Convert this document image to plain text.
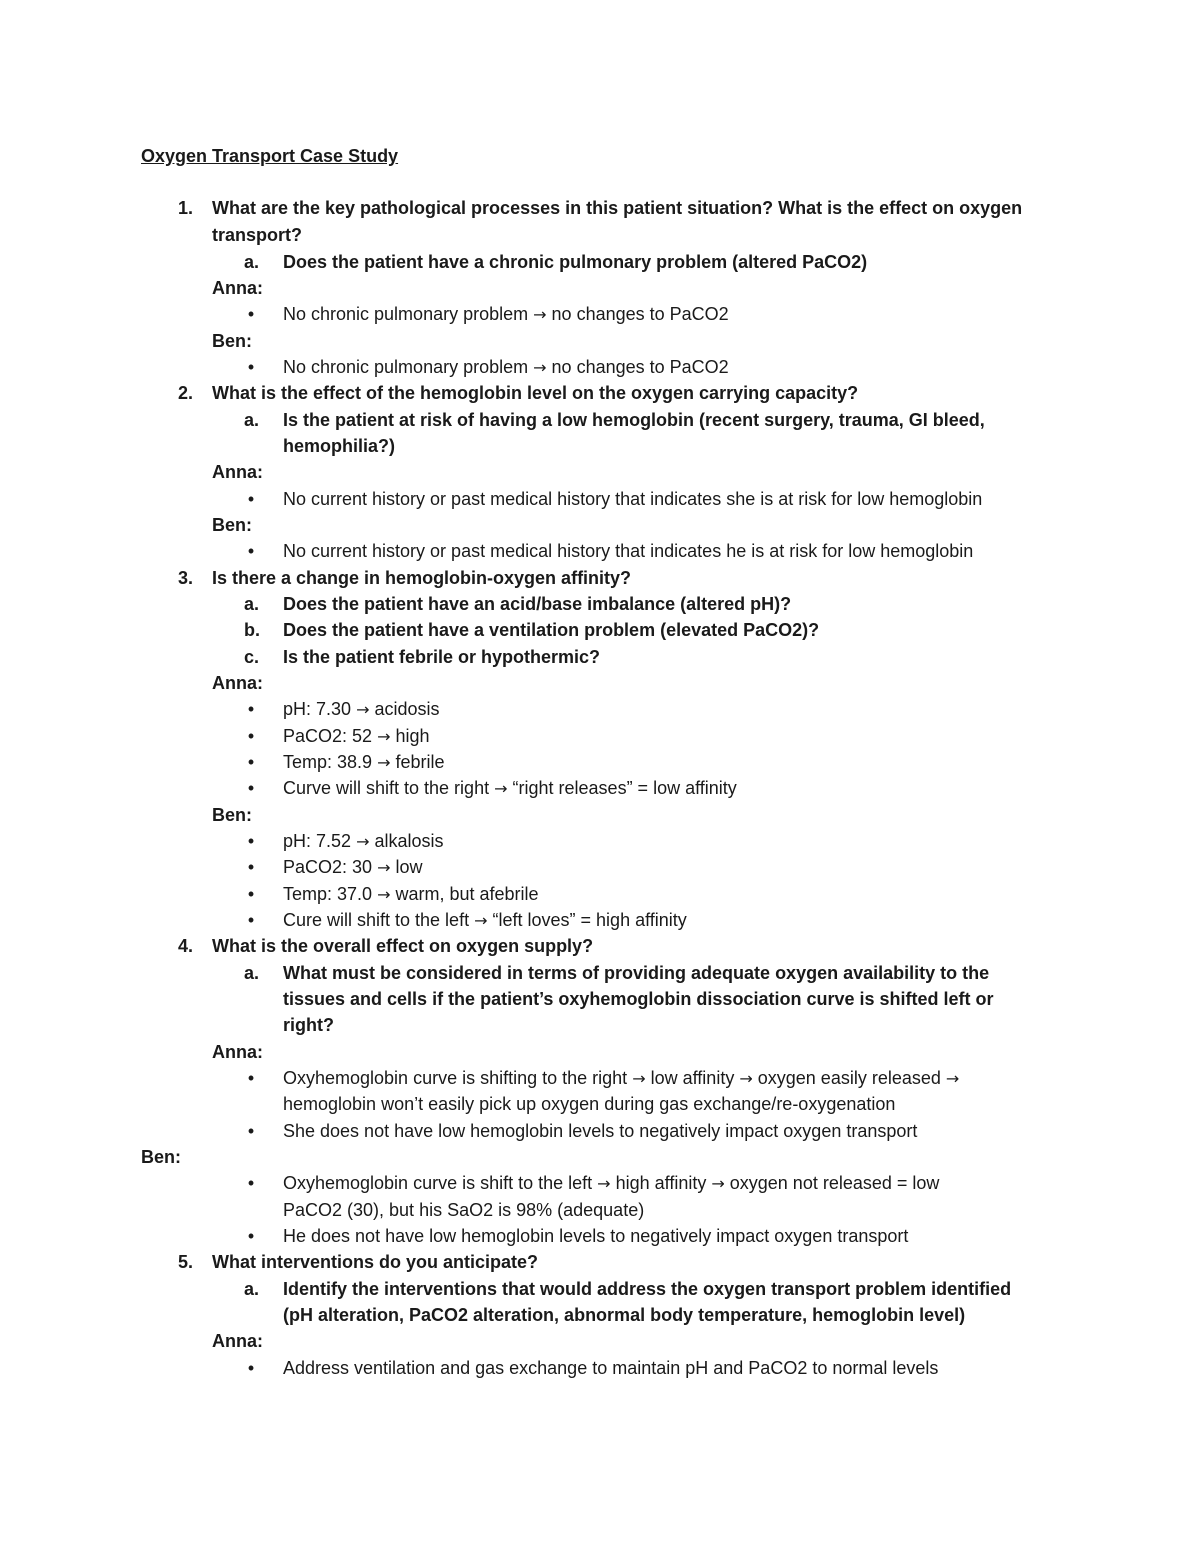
Oxygen Transport Case Study
1. What are the key pathological processes in this patient situation? What is the effect on oxygen
transport?
a. Does the patient have a chronic pulmonary problem (altered PaCO2)
Anna:
• No chronic pulmonary problem → no changes to PaCO2
Ben:
• No chronic pulmonary problem → no changes to PaCO2
2. What is the effect of the hemoglobin level on the oxygen carrying capacity?
a. Is the patient at risk of having a low hemoglobin (recent surgery, trauma, GI bleed,
hemophilia?)
Anna:
• No current history or past medical history that indicates she is at risk for low hemoglobin
Ben:
• No current history or past medical history that indicates he is at risk for low hemoglobin
3. Is there a change in hemoglobin-oxygen affinity?
a. Does the patient have an acid/base imbalance (altered pH)?
b. Does the patient have a ventilation problem (elevated PaCO2)?
c. Is the patient febrile or hypothermic?
Anna:
• pH: 7.30 → acidosis
• PaCO2: 52 → high
• Temp: 38.9 → febrile
• Curve will shift to the right → “right releases” = low affinity
Ben:
• pH: 7.52 → alkalosis
• PaCO2: 30 → low
• Temp: 37.0 → warm, but afebrile
• Cure will shift to the left → “left loves” = high affinity
4. What is the overall effect on oxygen supply?
a. What must be considered in terms of providing adequate oxygen availability to the
tissues and cells if the patient’s oxyhemoglobin dissociation curve is shifted left or
right?
Anna:
• Oxyhemoglobin curve is shifting to the right → low affinity → oxygen easily released →
hemoglobin won’t easily pick up oxygen during gas exchange/re-oxygenation
• She does not have low hemoglobin levels to negatively impact oxygen transport
Ben:
• Oxyhemoglobin curve is shift to the left → high affinity → oxygen not released = low
PaCO2 (30), but his SaO2 is 98% (adequate)
• He does not have low hemoglobin levels to negatively impact oxygen transport
5. What interventions do you anticipate?
a. Identify the interventions that would address the oxygen transport problem identified
(pH alteration, PaCO2 alteration, abnormal body temperature, hemoglobin level)
Anna:
• Address ventilation and gas exchange to maintain pH and PaCO2 to normal levels
